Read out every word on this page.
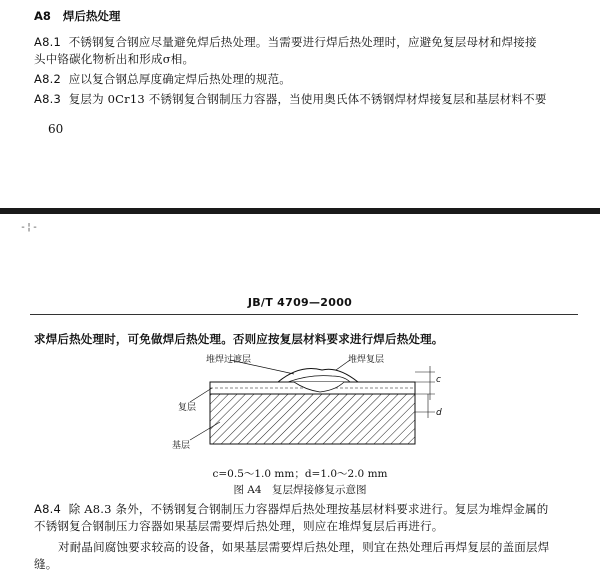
A8 焊后热处理
A8.1 不锈钢复合钢应尽量避免焊后热处理。当需要进行焊后热处理时，应避免复层母材和焊接接
头中铬碳化物析出和形成σ相。
A8.2 应以复合钢总厚度确定焊后热处理的规范。
A8.3 复层为 0Cr13 不锈钢复合钢制压力容器，当使用奥氏体不锈钢焊材焊接复层和基层材料不要
60
-¦-
JB/T 4709—2000
求焊后热处理时，可免做焊后热处理。否则应按复层材料要求进行焊后热处理。
堆焊过渡层	堆焊复层
复层
基层
c
d
c=0.5～1.0 mm；d=1.0～2.0 mm
图 A4　复层焊接修复示意图
A8.4 除 A8.3 条外，不锈钢复合钢制压力容器焊后热处理按基层材料要求进行。复层为堆焊金属的
不锈钢复合钢制压力容器如果基层需要焊后热处理，则应在堆焊复层后再进行。
对耐晶间腐蚀要求较高的设备，如果基层需要焊后热处理，则宜在热处理后再焊复层的盖面层焊
缝。
